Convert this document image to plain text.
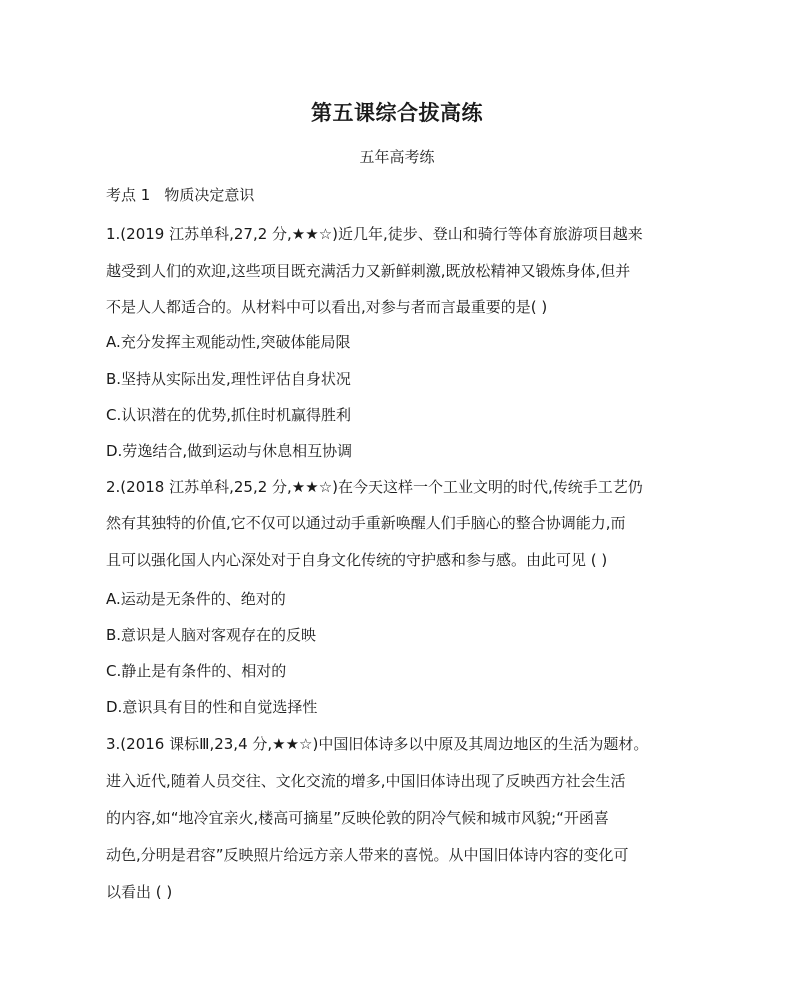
第五课综合拔高练
五年高考练
考点 1 物质决定意识
1.(2019 江苏单科,27,2 分,★★☆)近几年,徒步、登山和骑行等体育旅游项目越来
越受到人们的欢迎,这些项目既充满活力又新鲜刺激,既放松精神又锻炼身体,但并
不是人人都适合的。从材料中可以看出,对参与者而言最重要的是( )
A.充分发挥主观能动性,突破体能局限
B.坚持从实际出发,理性评估自身状况
C.认识潜在的优势,抓住时机赢得胜利
D.劳逸结合,做到运动与休息相互协调
2.(2018 江苏单科,25,2 分,★★☆)在今天这样一个工业文明的时代,传统手工艺仍
然有其独特的价值,它不仅可以通过动手重新唤醒人们手脑心的整合协调能力,而
且可以强化国人内心深处对于自身文化传统的守护感和参与感。由此可见 ( )
A.运动是无条件的、绝对的
B.意识是人脑对客观存在的反映
C.静止是有条件的、相对的
D.意识具有目的性和自觉选择性
3.(2016 课标Ⅲ,23,4 分,★★☆)中国旧体诗多以中原及其周边地区的生活为题材。
进入近代,随着人员交往、文化交流的增多,中国旧体诗出现了反映西方社会生活
的内容,如“地冷宜亲火,楼高可摘星”反映伦敦的阴冷气候和城市风貌;“开函喜
动色,分明是君容”反映照片给远方亲人带来的喜悦。从中国旧体诗内容的变化可
以看出 ( )
